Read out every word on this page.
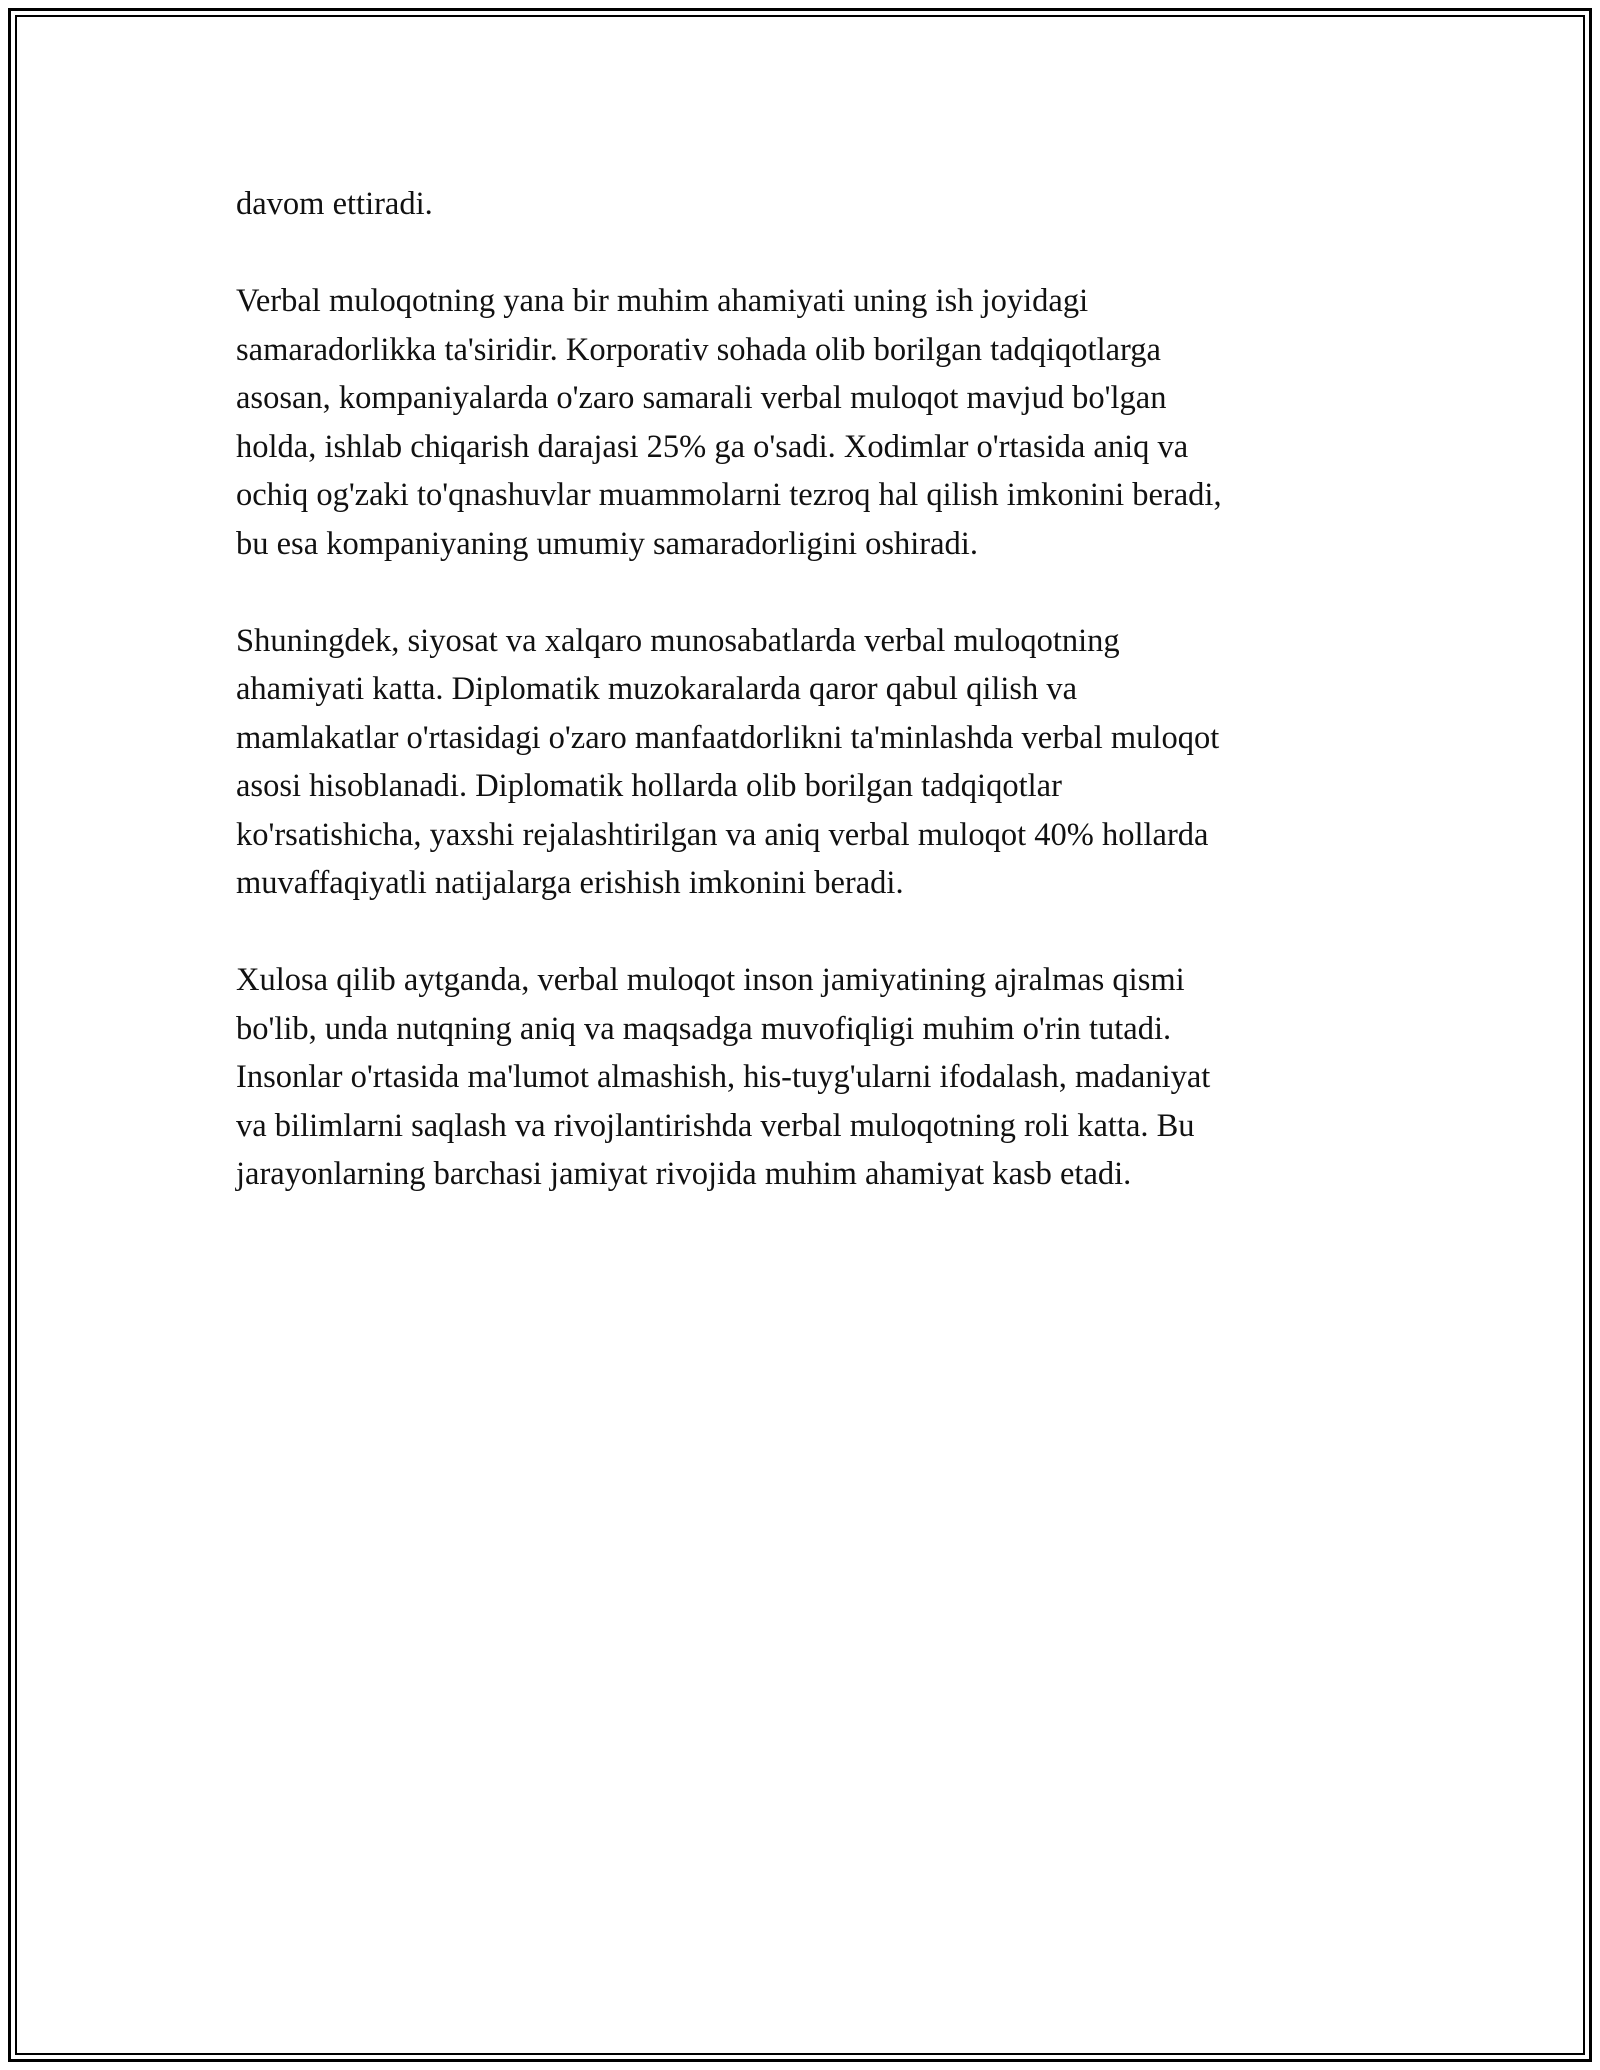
davom ettiradi.

Verbal muloqotning yana bir muhim ahamiyati uning ish joyidagi
samaradorlikka ta'siridir. Korporativ sohada olib borilgan tadqiqotlarga
asosan, kompaniyalarda o'zaro samarali verbal muloqot mavjud bo'lgan
holda, ishlab chiqarish darajasi 25% ga o'sadi. Xodimlar o'rtasida aniq va
ochiq og'zaki to'qnashuvlar muammolarni tezroq hal qilish imkonini beradi,
bu esa kompaniyaning umumiy samaradorligini oshiradi.

Shuningdek, siyosat va xalqaro munosabatlarda verbal muloqotning
ahamiyati katta. Diplomatik muzokaralarda qaror qabul qilish va
mamlakatlar o'rtasidagi o'zaro manfaatdorlikni ta'minlashda verbal muloqot
asosi hisoblanadi. Diplomatik hollarda olib borilgan tadqiqotlar
ko'rsatishicha, yaxshi rejalashtirilgan va aniq verbal muloqot 40% hollarda
muvaffaqiyatli natijalarga erishish imkonini beradi.

Xulosa qilib aytganda, verbal muloqot inson jamiyatining ajralmas qismi
bo'lib, unda nutqning aniq va maqsadga muvofiqligi muhim o'rin tutadi.
Insonlar o'rtasida ma'lumot almashish, his-tuyg'ularni ifodalash, madaniyat
va bilimlarni saqlash va rivojlantirishda verbal muloqotning roli katta. Bu
jarayonlarning barchasi jamiyat rivojida muhim ahamiyat kasb etadi.
